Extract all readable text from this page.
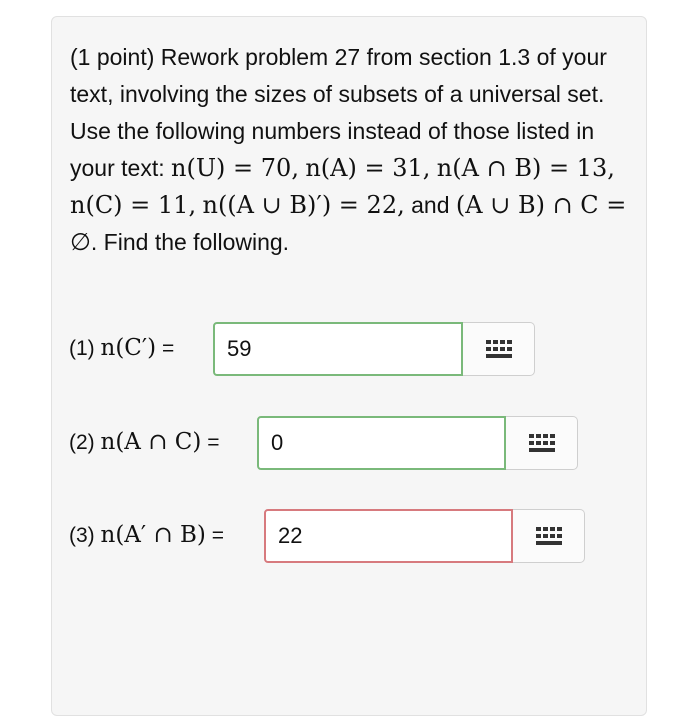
(1 point) Rework problem 27 from section 1.3 of your text, involving the sizes of subsets of a universal set. Use the following numbers instead of those listed in your text: n(U) = 70, n(A) = 31, n(A ∩ B) = 13, n(C) = 11, n((A ∪ B)′) = 22, and (A ∪ B) ∩ C = ∅. Find the following.
(1) n(C′) =	59
(2) n(A ∩ C) =	0
(3) n(A′ ∩ B) =	22
